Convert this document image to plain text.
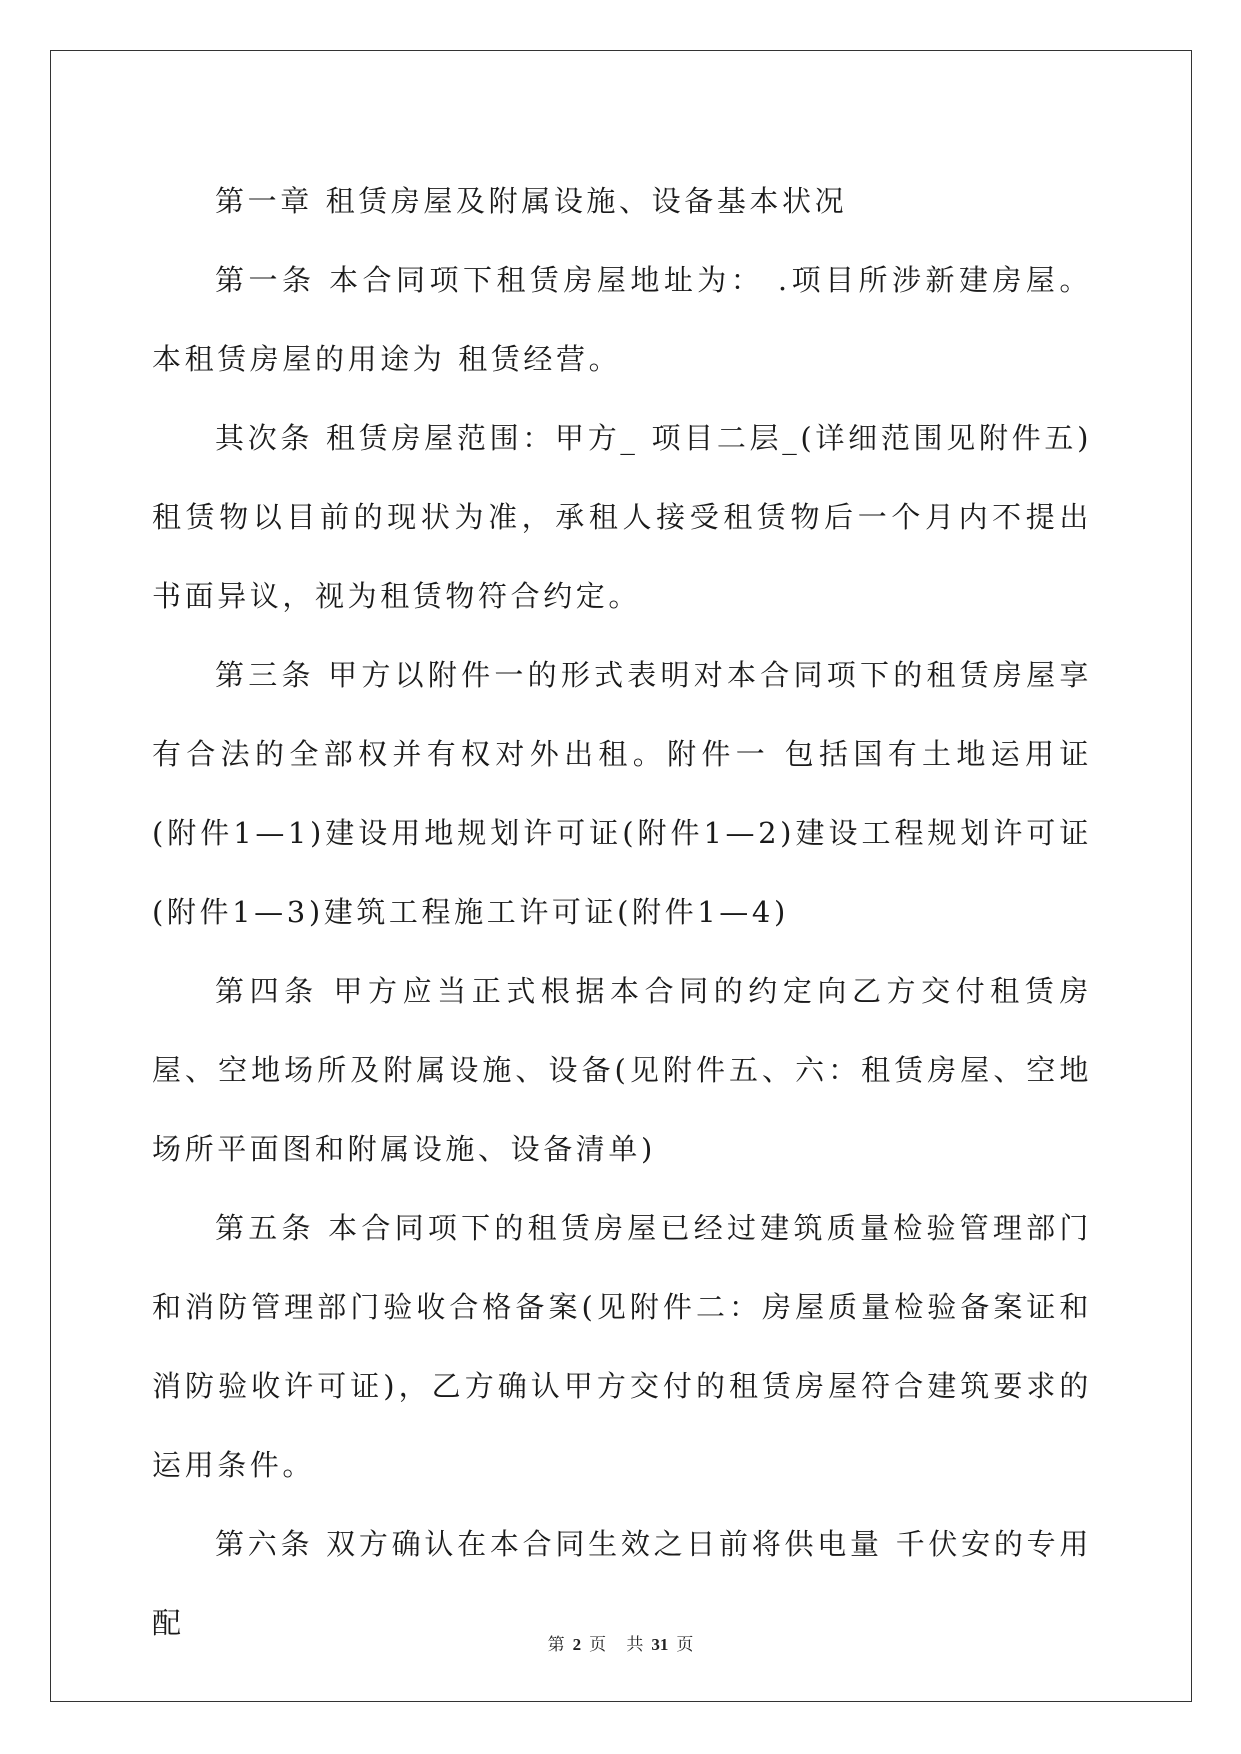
第一章 租赁房屋及附属设施、设备基本状况

第一条 本合同项下租赁房屋地址为： .项目所涉新建房屋。本租赁房屋的用途为 租赁经营。

其次条 租赁房屋范围：甲方_ 项目二层_(详细范围见附件五)租赁物以目前的现状为准，承租人接受租赁物后一个月内不提出书面异议，视为租赁物符合约定。

第三条 甲方以附件一的形式表明对本合同项下的租赁房屋享有合法的全部权并有权对外出租。附件一 包括国有土地运用证(附件1—1)建设用地规划许可证(附件1—2)建设工程规划许可证(附件1—3)建筑工程施工许可证(附件1—4)

第四条 甲方应当正式根据本合同的约定向乙方交付租赁房屋、空地场所及附属设施、设备(见附件五、六：租赁房屋、空地场所平面图和附属设施、设备清单)

第五条 本合同项下的租赁房屋已经过建筑质量检验管理部门和消防管理部门验收合格备案(见附件二：房屋质量检验备案证和消防验收许可证)，乙方确认甲方交付的租赁房屋符合建筑要求的运用条件。

第六条 双方确认在本合同生效之日前将供电量 千伏安的专用配

第 2 页 共 31 页
